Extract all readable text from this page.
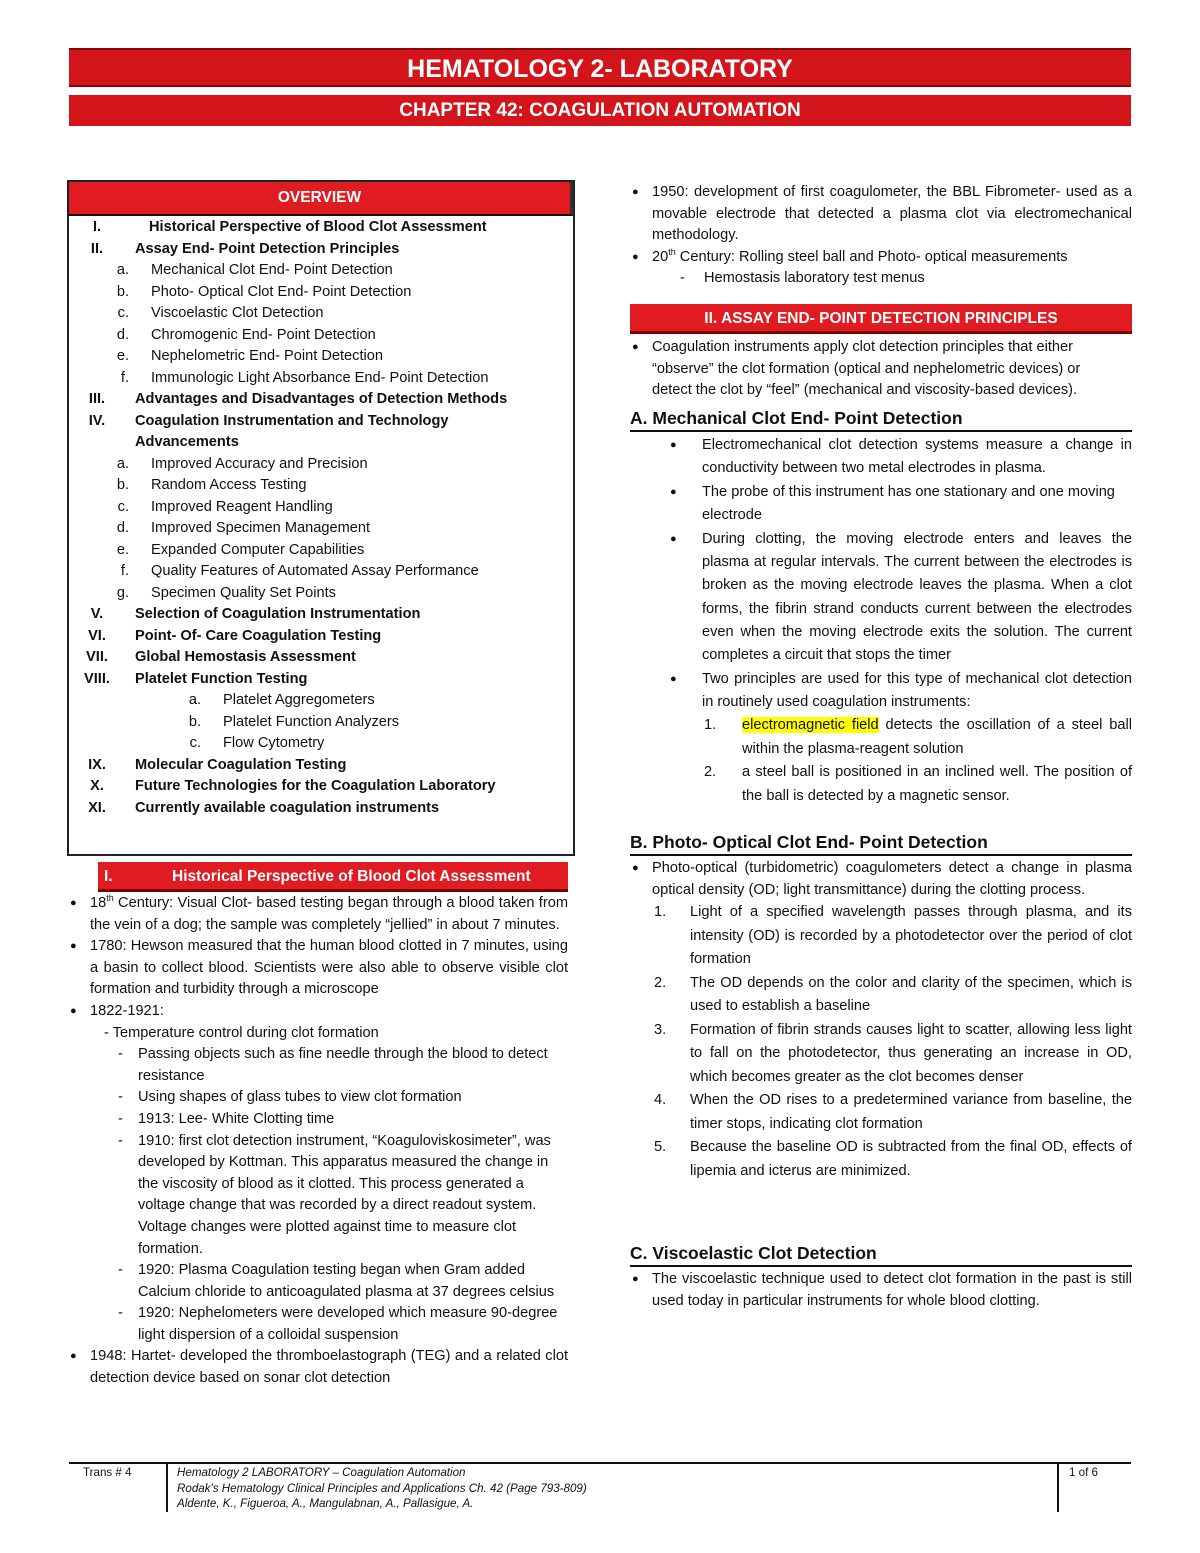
HEMATOLOGY 2- LABORATORY
CHAPTER 42: COAGULATION AUTOMATION
OVERVIEW
I.	Historical Perspective of Blood Clot Assessment
II.	Assay End- Point Detection Principles
a.	Mechanical Clot End- Point Detection
b.	Photo- Optical Clot End- Point Detection
c.	Viscoelastic Clot Detection
d.	Chromogenic End- Point Detection
e.	Nephelometric End- Point Detection
f.	Immunologic Light Absorbance End- Point Detection
III.	Advantages and Disadvantages of Detection Methods
IV.	Coagulation Instrumentation and Technology Advancements
a.	Improved Accuracy and Precision
b.	Random Access Testing
c.	Improved Reagent Handling
d.	Improved Specimen Management
e.	Expanded Computer Capabilities
f.	Quality Features of Automated Assay Performance
g.	Specimen Quality Set Points
V.	Selection of Coagulation Instrumentation
VI.	Point- Of- Care Coagulation Testing
VII.	Global Hemostasis Assessment
VIII.	Platelet Function Testing
a.	Platelet Aggregometers
b.	Platelet Function Analyzers
c.	Flow Cytometry
IX.	Molecular Coagulation Testing
X.	Future Technologies for the Coagulation Laboratory
XI.	Currently available coagulation instruments
I.	Historical Perspective of Blood Clot Assessment
● 18th Century: Visual Clot- based testing began through a blood taken from the vein of a dog; the sample was completely “jellied” in about 7 minutes.
● 1780: Hewson measured that the human blood clotted in 7 minutes, using a basin to collect blood. Scientists were also able to observe visible clot formation and turbidity through a microscope
● 1822-1921:
- Temperature control during clot formation
- Passing objects such as fine needle through the blood to detect resistance
- Using shapes of glass tubes to view clot formation
- 1913: Lee- White Clotting time
- 1910: first clot detection instrument, “Koaguloviskosimeter”, was developed by Kottman. This apparatus measured the change in the viscosity of blood as it clotted. This process generated a voltage change that was recorded by a direct readout system. Voltage changes were plotted against time to measure clot formation.
- 1920: Plasma Coagulation testing began when Gram added Calcium chloride to anticoagulated plasma at 37 degrees celsius
- 1920: Nephelometers were developed which measure 90-degree light dispersion of a colloidal suspension
● 1948: Hartet- developed the thromboelastograph (TEG) and a related clot detection device based on sonar clot detection
● 1950: development of first coagulometer, the BBL Fibrometer- used as a movable electrode that detected a plasma clot via electromechanical methodology.
● 20th Century: Rolling steel ball and Photo- optical measurements
- Hemostasis laboratory test menus
II. ASSAY END- POINT DETECTION PRINCIPLES
● Coagulation instruments apply clot detection principles that either “observe” the clot formation (optical and nephelometric devices) or detect the clot by “feel” (mechanical and viscosity-based devices).
A. Mechanical Clot End- Point Detection
● Electromechanical clot detection systems measure a change in conductivity between two metal electrodes in plasma.
● The probe of this instrument has one stationary and one moving electrode
● During clotting, the moving electrode enters and leaves the plasma at regular intervals. The current between the electrodes is broken as the moving electrode leaves the plasma. When a clot forms, the fibrin strand conducts current between the electrodes even when the moving electrode exits the solution. The current completes a circuit that stops the timer
● Two principles are used for this type of mechanical clot detection in routinely used coagulation instruments:
1. electromagnetic field detects the oscillation of a steel ball within the plasma-reagent solution
2. a steel ball is positioned in an inclined well. The position of the ball is detected by a magnetic sensor.
B. Photo- Optical Clot End- Point Detection
● Photo-optical (turbidometric) coagulometers detect a change in plasma optical density (OD; light transmittance) during the clotting process.
1. Light of a specified wavelength passes through plasma, and its intensity (OD) is recorded by a photodetector over the period of clot formation
2. The OD depends on the color and clarity of the specimen, which is used to establish a baseline
3. Formation of fibrin strands causes light to scatter, allowing less light to fall on the photodetector, thus generating an increase in OD, which becomes greater as the clot becomes denser
4. When the OD rises to a predetermined variance from baseline, the timer stops, indicating clot formation
5. Because the baseline OD is subtracted from the final OD, effects of lipemia and icterus are minimized.
C. Viscoelastic Clot Detection
● The viscoelastic technique used to detect clot formation in the past is still used today in particular instruments for whole blood clotting.
Trans # 4	Hematology 2 LABORATORY – Coagulation Automation
Rodak's Hematology Clinical Principles and Applications Ch. 42 (Page 793-809)
Aldente, K., Figueroa, A., Mangulabnan, A., Pallasigue, A.
1 of 6
